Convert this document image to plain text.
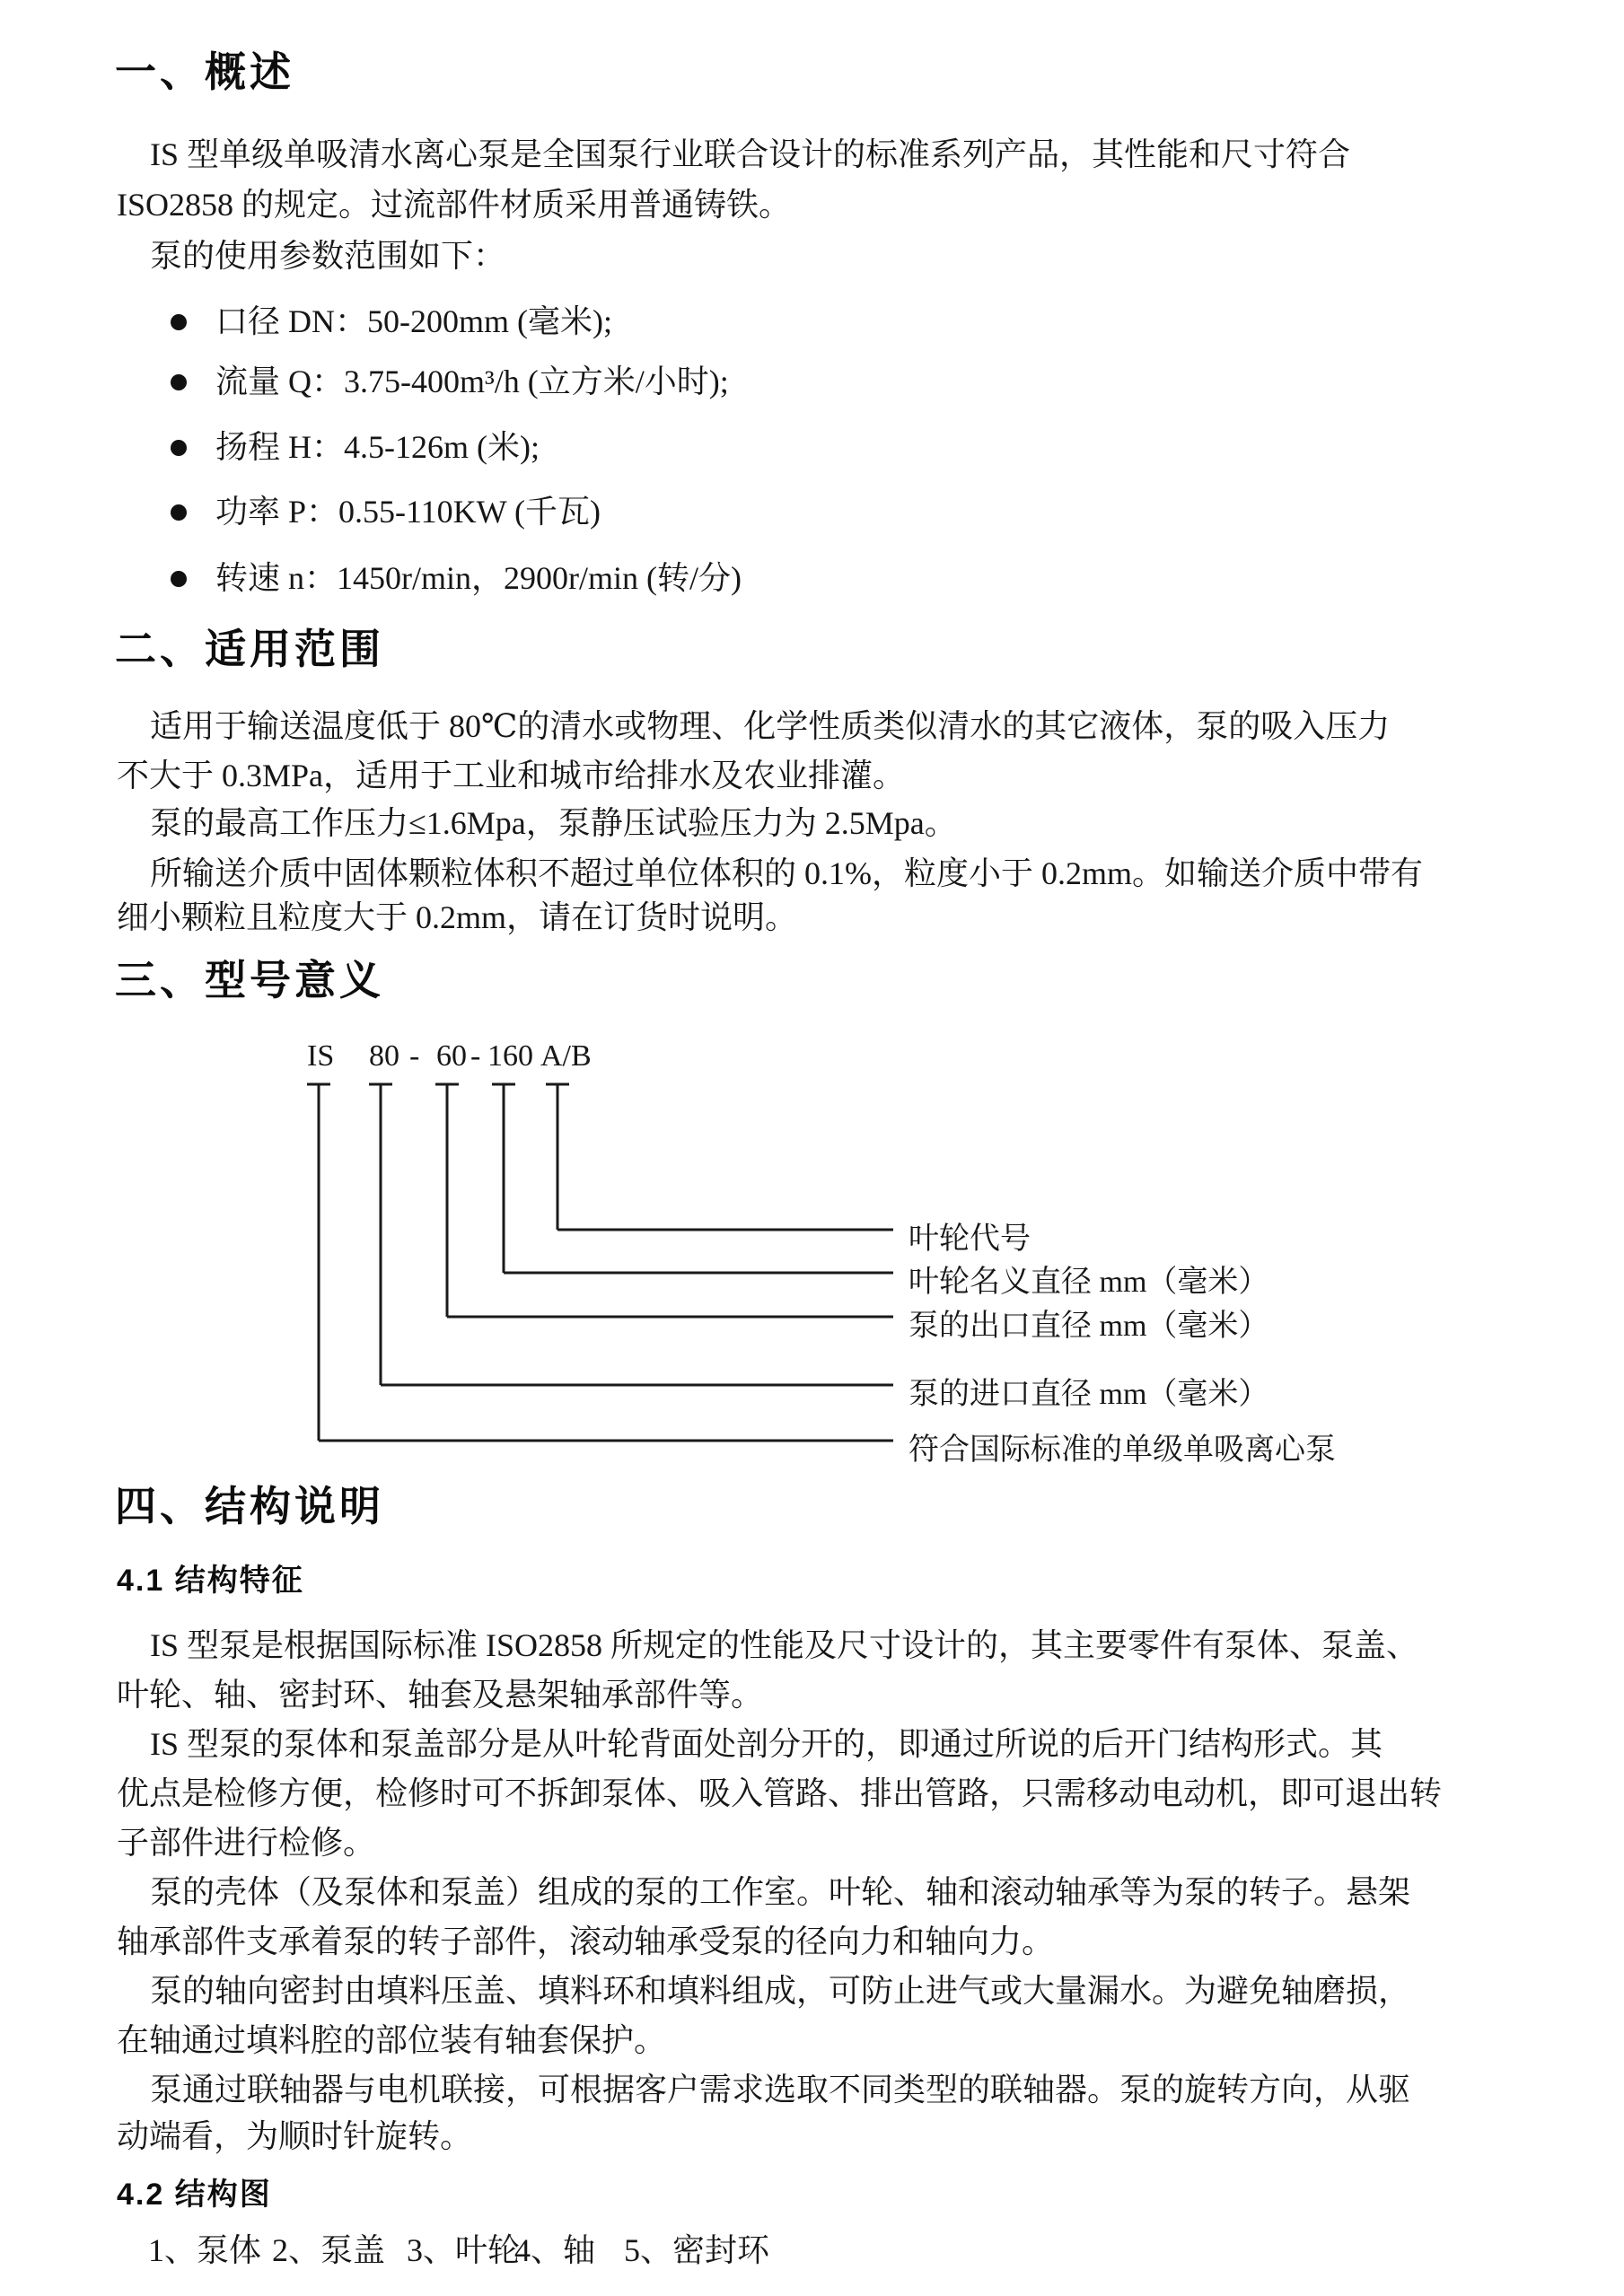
一、概述
IS 型单级单吸清水离心泵是全国泵行业联合设计的标准系列产品，其性能和尺寸符合
ISO2858 的规定。过流部件材质采用普通铸铁。
泵的使用参数范围如下：
口径 DN：50-200mm (毫米);
流量 Q：3.75-400m³/h (立方米/小时);
扬程 H：4.5-126m (米);
功率 P：0.55-110KW (千瓦)
转速 n：1450r/min，2900r/min (转/分)
二、适用范围
适用于输送温度低于 80℃的清水或物理、化学性质类似清水的其它液体，泵的吸入压力
不大于 0.3MPa，适用于工业和城市给排水及农业排灌。
泵的最高工作压力≤1.6Mpa，泵静压试验压力为 2.5Mpa。
所输送介质中固体颗粒体积不超过单位体积的 0.1%，粒度小于 0.2mm。如输送介质中带有
细小颗粒且粒度大于 0.2mm，请在订货时说明。
三、型号意义
IS 80 - 60 - 160 A/B
叶轮代号
叶轮名义直径 mm（毫米）
泵的出口直径 mm（毫米）
泵的进口直径 mm（毫米）
符合国际标准的单级单吸离心泵
四、结构说明
4.1 结构特征
IS 型泵是根据国际标准 ISO2858 所规定的性能及尺寸设计的，其主要零件有泵体、泵盖、
叶轮、轴、密封环、轴套及悬架轴承部件等。
IS 型泵的泵体和泵盖部分是从叶轮背面处剖分开的，即通过所说的后开门结构形式。其
优点是检修方便，检修时可不拆卸泵体、吸入管路、排出管路，只需移动电动机，即可退出转
子部件进行检修。
泵的壳体（及泵体和泵盖）组成的泵的工作室。叶轮、轴和滚动轴承等为泵的转子。悬架
轴承部件支承着泵的转子部件，滚动轴承受泵的径向力和轴向力。
泵的轴向密封由填料压盖、填料环和填料组成，可防止进气或大量漏水。为避免轴磨损，
在轴通过填料腔的部位装有轴套保护。
泵通过联轴器与电机联接，可根据客户需求选取不同类型的联轴器。泵的旋转方向，从驱
动端看，为顺时针旋转。
4.2 结构图
1、泵体 2、泵盖 3、叶轮
4、轴 5、密封环
